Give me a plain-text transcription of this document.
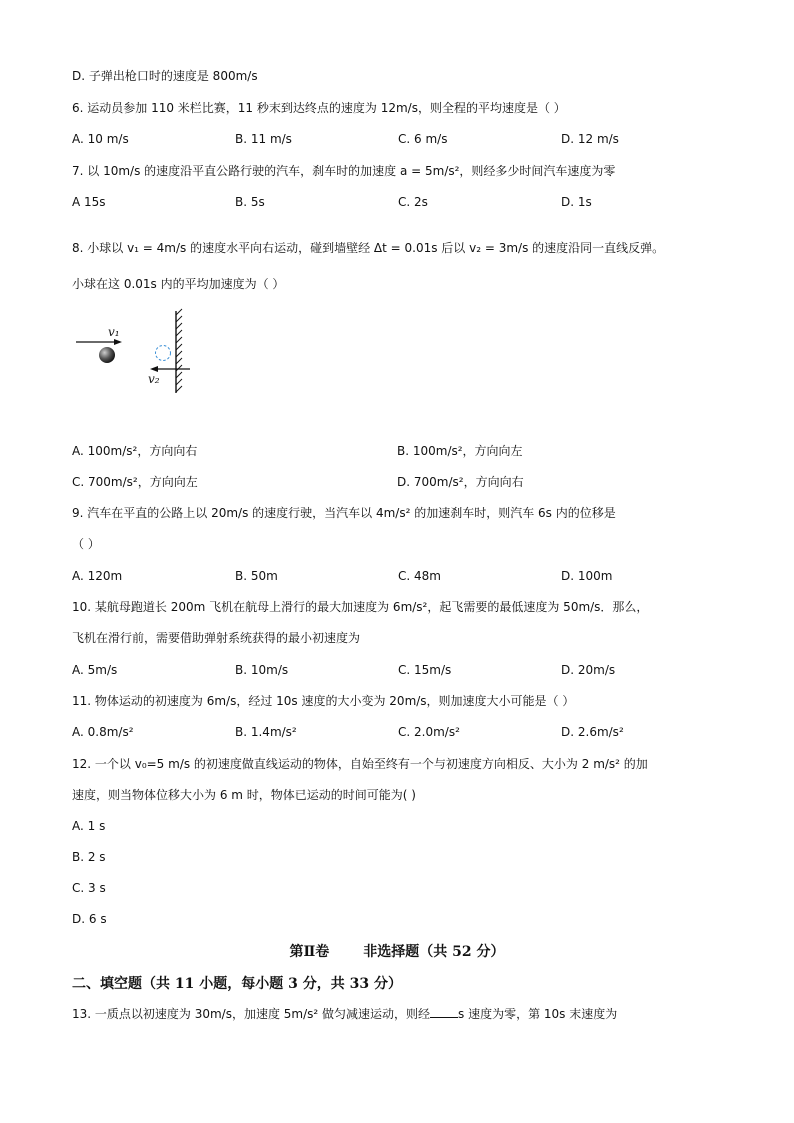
D. 子弹出枪口时的速度是 800m/s
6. 运动员参加 110 米栏比赛，11 秒末到达终点的速度为 12m/s，则全程的平均速度是（ ）
A. 10 m/s	B. 11 m/s	C. 6 m/s	D. 12 m/s
7. 以 10m/s 的速度沿平直公路行驶的汽车，刹车时的加速度 a = 5m/s²，则经多少时间汽车速度为零
A 15s	B. 5s	C. 2s	D. 1s
8. 小球以 v₁ = 4m/s 的速度水平向右运动，碰到墙壁经 Δt = 0.01s 后以 v₂ = 3m/s 的速度沿同一直线反弹。
小球在这 0.01s 内的平均加速度为（ ）
v₁
v₂
A. 100m/s²，方向向右	B. 100m/s²，方向向左
C. 700m/s²，方向向左	D. 700m/s²，方向向右
9. 汽车在平直的公路上以 20m/s 的速度行驶，当汽车以 4m/s² 的加速刹车时，则汽车 6s 内的位移是
（ ）
A. 120m	B. 50m	C. 48m	D. 100m
10. 某航母跑道长 200m 飞机在航母上滑行的最大加速度为 6m/s²，起飞需要的最低速度为 50m/s．那么，
飞机在滑行前，需要借助弹射系统获得的最小初速度为
A. 5m/s	B. 10m/s	C. 15m/s	D. 20m/s
11. 物体运动的初速度为 6m/s，经过 10s 速度的大小变为 20m/s，则加速度大小可能是（ ）
A. 0.8m/s²	B. 1.4m/s²	C. 2.0m/s²	D. 2.6m/s²
12. 一个以 v₀=5 m/s 的初速度做直线运动的物体，自始至终有一个与初速度方向相反、大小为 2 m/s² 的加
速度，则当物体位移大小为 6 m 时，物体已运动的时间可能为( )
A. 1 s
B. 2 s
C. 3 s
D. 6 s
第Ⅱ卷 非选择题（共 52 分）
二、填空题（共 11 小题，每小题 3 分，共 33 分）
13. 一质点以初速度为 30m/s，加速度 5m/s² 做匀减速运动，则经 s 速度为零，第 10s 末速度为
